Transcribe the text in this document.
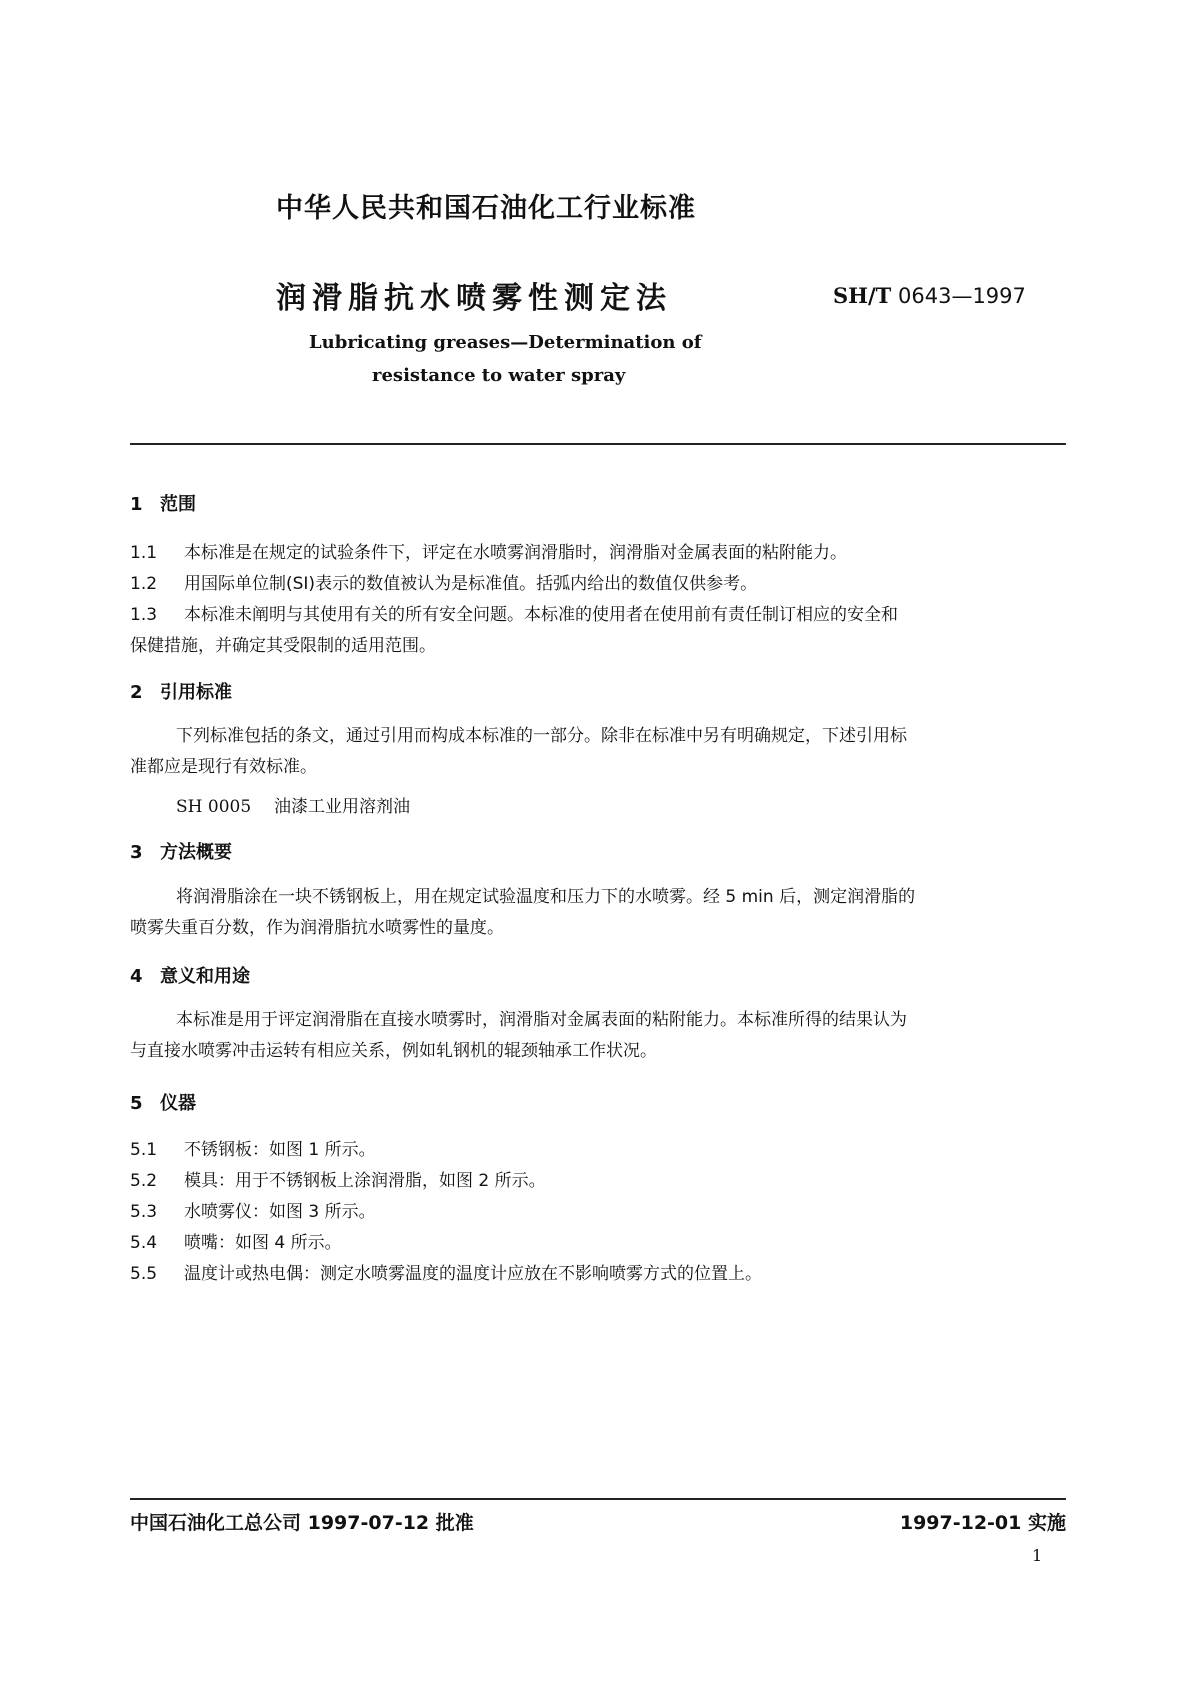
中华人民共和国石油化工行业标准
润滑脂抗水喷雾性测定法	SH/T 0643—1997
Lubricating greases—Determination of
resistance to water spray
1 范围
1.1 本标准是在规定的试验条件下，评定在水喷雾润滑脂时，润滑脂对金属表面的粘附能力。
1.2 用国际单位制(SI)表示的数值被认为是标准值。括弧内给出的数值仅供参考。
1.3 本标准未阐明与其使用有关的所有安全问题。本标准的使用者在使用前有责任制订相应的安全和
保健措施，并确定其受限制的适用范围。
2 引用标准
下列标准包括的条文，通过引用而构成本标准的一部分。除非在标准中另有明确规定，下述引用标
准都应是现行有效标准。
SH 0005 油漆工业用溶剂油
3 方法概要
将润滑脂涂在一块不锈钢板上，用在规定试验温度和压力下的水喷雾。经 5 min 后，测定润滑脂的
喷雾失重百分数，作为润滑脂抗水喷雾性的量度。
4 意义和用途
本标准是用于评定润滑脂在直接水喷雾时，润滑脂对金属表面的粘附能力。本标准所得的结果认为
与直接水喷雾冲击运转有相应关系，例如轧钢机的辊颈轴承工作状况。
5 仪器
5.1 不锈钢板：如图 1 所示。
5.2 模具：用于不锈钢板上涂润滑脂，如图 2 所示。
5.3 水喷雾仪：如图 3 所示。
5.4 喷嘴：如图 4 所示。
5.5 温度计或热电偶：测定水喷雾温度的温度计应放在不影响喷雾方式的位置上。
中国石油化工总公司 1997-07-12 批准	1997-12-01 实施
1
